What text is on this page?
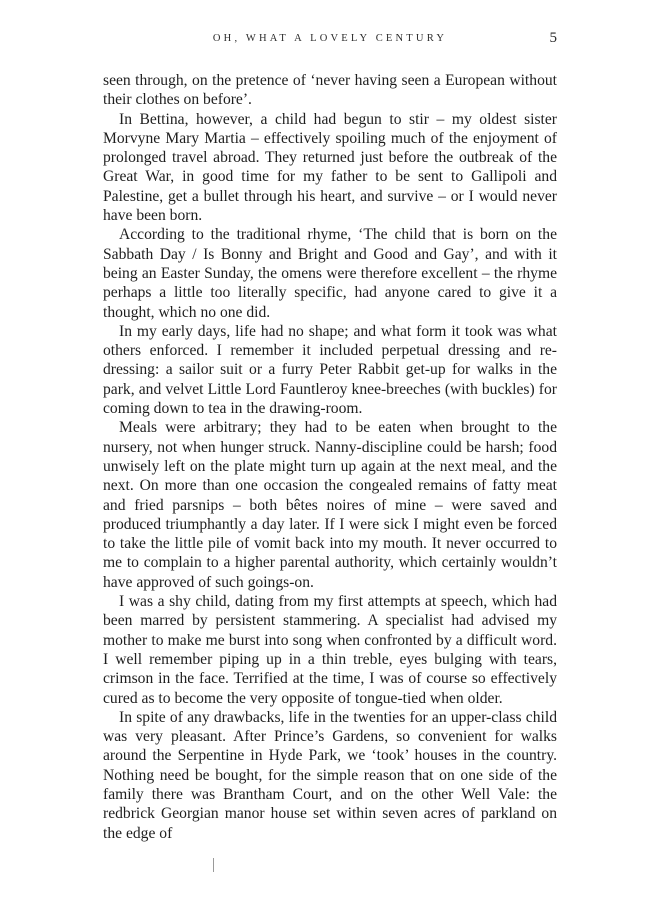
OH, WHAT A LOVELY CENTURY	5

seen through, on the pretence of ‘never having seen a European without their clothes on before’.

In Bettina, however, a child had begun to stir – my oldest sister Morvyne Mary Martia – effectively spoiling much of the enjoyment of prolonged travel abroad. They returned just before the outbreak of the Great War, in good time for my father to be sent to Gallipoli and Palestine, get a bullet through his heart, and survive – or I would never have been born.

According to the traditional rhyme, ‘The child that is born on the Sabbath Day / Is Bonny and Bright and Good and Gay’, and with it being an Easter Sunday, the omens were therefore excellent – the rhyme perhaps a little too literally specific, had anyone cared to give it a thought, which no one did.

In my early days, life had no shape; and what form it took was what others enforced. I remember it included perpetual dressing and re-dressing: a sailor suit or a furry Peter Rabbit get-up for walks in the park, and velvet Little Lord Fauntleroy knee-breeches (with buckles) for coming down to tea in the drawing-room.

Meals were arbitrary; they had to be eaten when brought to the nursery, not when hunger struck. Nanny-discipline could be harsh; food unwisely left on the plate might turn up again at the next meal, and the next. On more than one occasion the congealed remains of fatty meat and fried parsnips – both bêtes noires of mine – were saved and produced triumphantly a day later. If I were sick I might even be forced to take the little pile of vomit back into my mouth. It never occurred to me to complain to a higher parental authority, which certainly wouldn’t have approved of such goings-on.

I was a shy child, dating from my first attempts at speech, which had been marred by persistent stammering. A specialist had advised my mother to make me burst into song when confronted by a difficult word. I well remember piping up in a thin treble, eyes bulging with tears, crimson in the face. Terrified at the time, I was of course so effectively cured as to become the very opposite of tongue-tied when older.

In spite of any drawbacks, life in the twenties for an upper-class child was very pleasant. After Prince’s Gardens, so convenient for walks around the Serpentine in Hyde Park, we ‘took’ houses in the country. Nothing need be bought, for the simple reason that on one side of the family there was Brantham Court, and on the other Well Vale: the redbrick Georgian manor house set within seven acres of parkland on the edge of
